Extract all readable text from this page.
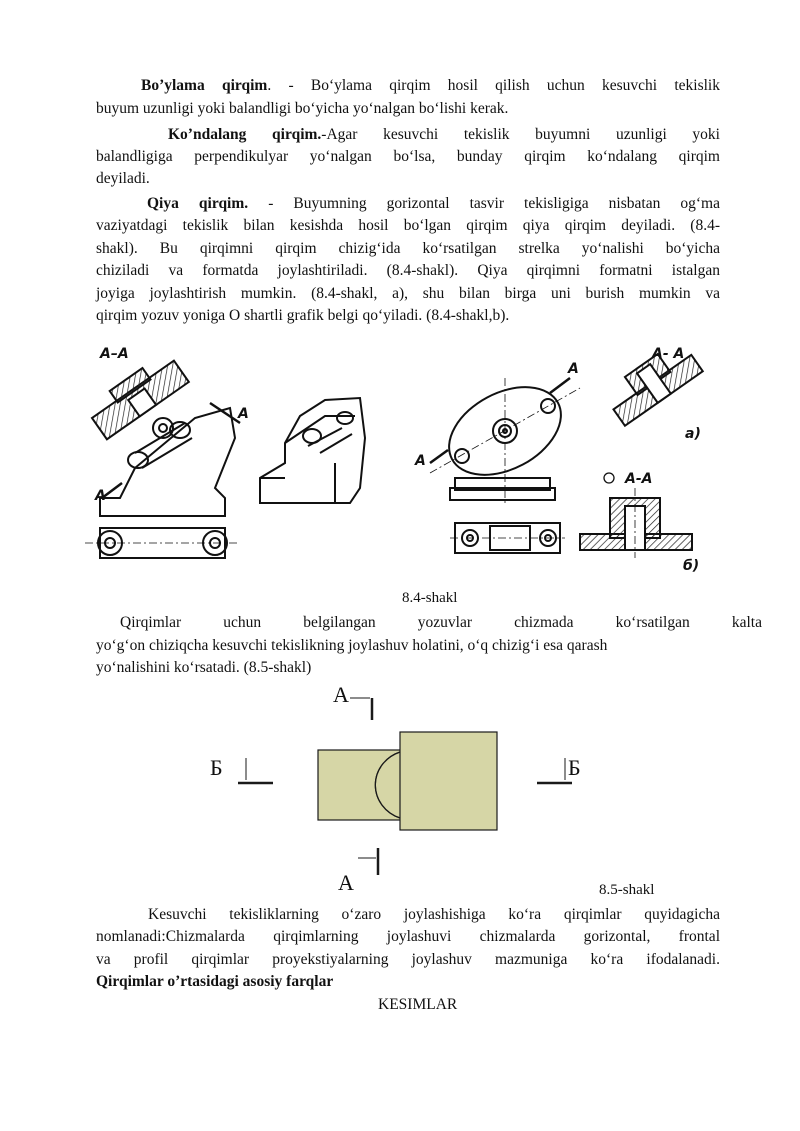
Bo’ylama qirqim. - Bo‘ylama qirqim hosil qilish uchun kesuvchi tekislik
buyum uzunligi yoki balandligi bo‘yicha yo‘nalgan bo‘lishi kerak.
Ko’ndalang qirqim.-Agar kesuvchi tekislik buyumni uzunligi yoki
balandligiga perpendikulyar yo‘nalgan bo‘lsa, bunday qirqim ko‘ndalang qirqim
deyiladi.
Qiya qirqim. - Buyumning gorizontal tasvir tekisligiga nisbatan og‘ma
vaziyatdagi tekislik bilan kesishda hosil bo‘lgan qirqim qiya qirqim deyiladi. (8.4-
shakl). Bu qirqimni qirqim chizig‘ida ko‘rsatilgan strelka yo‘nalishi bo‘yicha
chiziladi va formatda joylashtiriladi. (8.4-shakl). Qiya qirqimni formatni istalgan
joyiga joylashtirish mumkin. (8.4-shakl, a), shu bilan birga uni burish mumkin va
qirqim yozuv yoniga O shartli grafik belgi qo‘yiladi. (8.4-shakl,b).
A–A
A
A
A
A
A- A
a)
A-A
б)
8.4-shakl
Qirqimlar uchun belgilangan yozuvlar chizmada ko‘rsatilgan kalta
yo‘g‘on chiziqcha kesuvchi tekislikning joylashuv holatini, o‘q chizig‘i esa qarash
yo‘nalishini ko‘rsatadi. (8.5-shakl)
A
A
Б	Б
8.5-shakl
Kesuvchi tekisliklarning o‘zaro joylashishiga ko‘ra qirqimlar quyidagicha
nomlanadi:Chizmalarda qirqimlarning joylashuvi chizmalarda gorizontal, frontal
va profil qirqimlar proyekstiyalarning joylashuv mazmuniga ko‘ra ifodalanadi.
Qirqimlar o’rtasidagi asosiy farqlar
KESIMLAR
